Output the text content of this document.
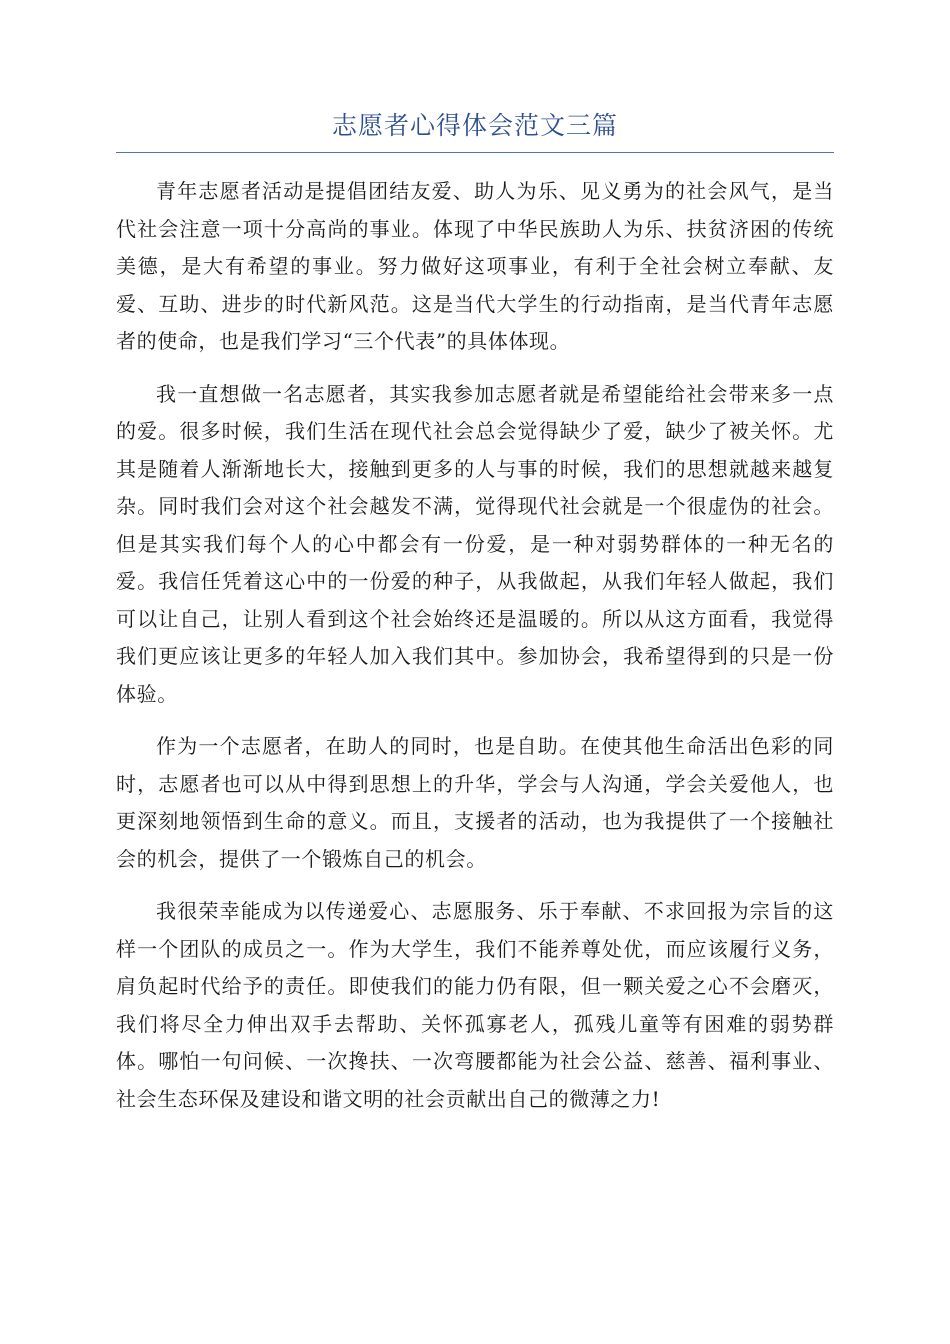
志愿者心得体会范文三篇

青年志愿者活动是提倡团结友爱、助人为乐、见义勇为的社会风气，是当代社会注意一项十分高尚的事业。体现了中华民族助人为乐、扶贫济困的传统美德，是大有希望的事业。努力做好这项事业，有利于全社会树立奉献、友爱、互助、进步的时代新风范。这是当代大学生的行动指南，是当代青年志愿者的使命，也是我们学习“三个代表”的具体体现。

我一直想做一名志愿者，其实我参加志愿者就是希望能给社会带来多一点的爱。很多时候，我们生活在现代社会总会觉得缺少了爱，缺少了被关怀。尤其是随着人渐渐地长大，接触到更多的人与事的时候，我们的思想就越来越复杂。同时我们会对这个社会越发不满，觉得现代社会就是一个很虚伪的社会。但是其实我们每个人的心中都会有一份爱，是一种对弱势群体的一种无名的爱。我信任凭着这心中的一份爱的种子，从我做起，从我们年轻人做起，我们可以让自己，让别人看到这个社会始终还是温暖的。所以从这方面看，我觉得我们更应该让更多的年轻人加入我们其中。参加协会，我希望得到的只是一份体验。

作为一个志愿者，在助人的同时，也是自助。在使其他生命活出色彩的同时，志愿者也可以从中得到思想上的升华，学会与人沟通，学会关爱他人，也更深刻地领悟到生命的意义。而且，支援者的活动，也为我提供了一个接触社会的机会，提供了一个锻炼自己的机会。

我很荣幸能成为以传递爱心、志愿服务、乐于奉献、不求回报为宗旨的这样一个团队的成员之一。作为大学生，我们不能养尊处优，而应该履行义务，肩负起时代给予的责任。即使我们的能力仍有限，但一颗关爱之心不会磨灭，我们将尽全力伸出双手去帮助、关怀孤寡老人，孤残儿童等有困难的弱势群体。哪怕一句问候、一次搀扶、一次弯腰都能为社会公益、慈善、福利事业、社会生态环保及建设和谐文明的社会贡献出自己的微薄之力!
